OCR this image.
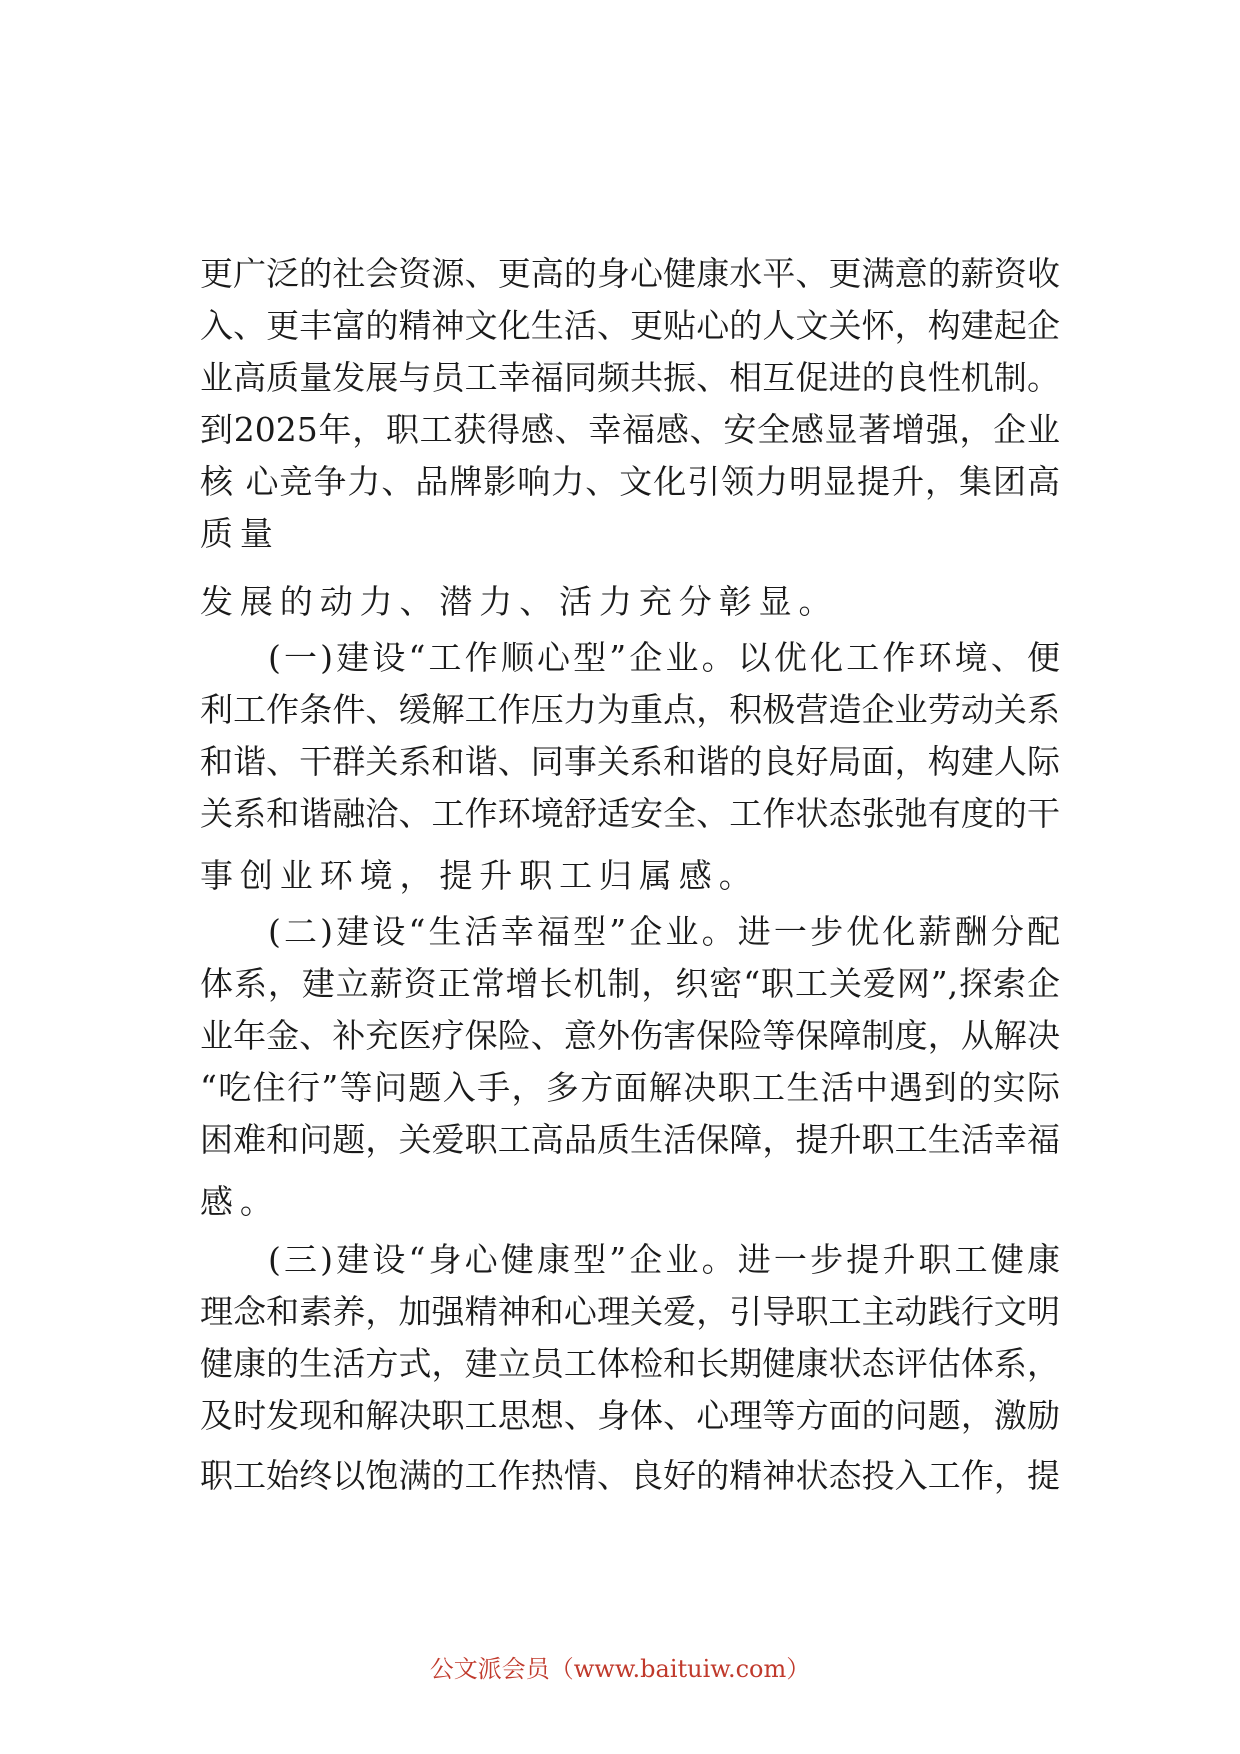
更广泛的社会资源、更高的身心健康水平、更满意的薪资收
入、更丰富的精神文化生活、更贴心的人文关怀，构建起企
业高质量发展与员工幸福同频共振、相互促进的良性机制。
到2025年，职工获得感、幸福感、安全感显著增强，企业
核 心竞争力、品牌影响力、文化引领力明显提升，集团高
质量
发展的动力、潜力、活力充分彰显。
(一)建设“工作顺心型”企业。以优化工作环境、便
利工作条件、缓解工作压力为重点，积极营造企业劳动关系
和谐、干群关系和谐、同事关系和谐的良好局面，构建人际
关系和谐融洽、工作环境舒适安全、工作状态张弛有度的干
事创业环境，提升职工归属感。
(二)建设“生活幸福型”企业。进一步优化薪酬分配
体系，建立薪资正常增长机制，织密“职工关爱网”,探索企
业年金、补充医疗保险、意外伤害保险等保障制度，从解决
“吃住行”等问题入手，多方面解决职工生活中遇到的实际
困难和问题，关爱职工高品质生活保障，提升职工生活幸福
感。
(三)建设“身心健康型”企业。进一步提升职工健康
理念和素养，加强精神和心理关爱，引导职工主动践行文明
健康的生活方式，建立员工体检和长期健康状态评估体系，
及时发现和解决职工思想、身体、心理等方面的问题，激励
职工始终以饱满的工作热情、良好的精神状态投入工作，提
公文派会员（www.baituiw.com）
